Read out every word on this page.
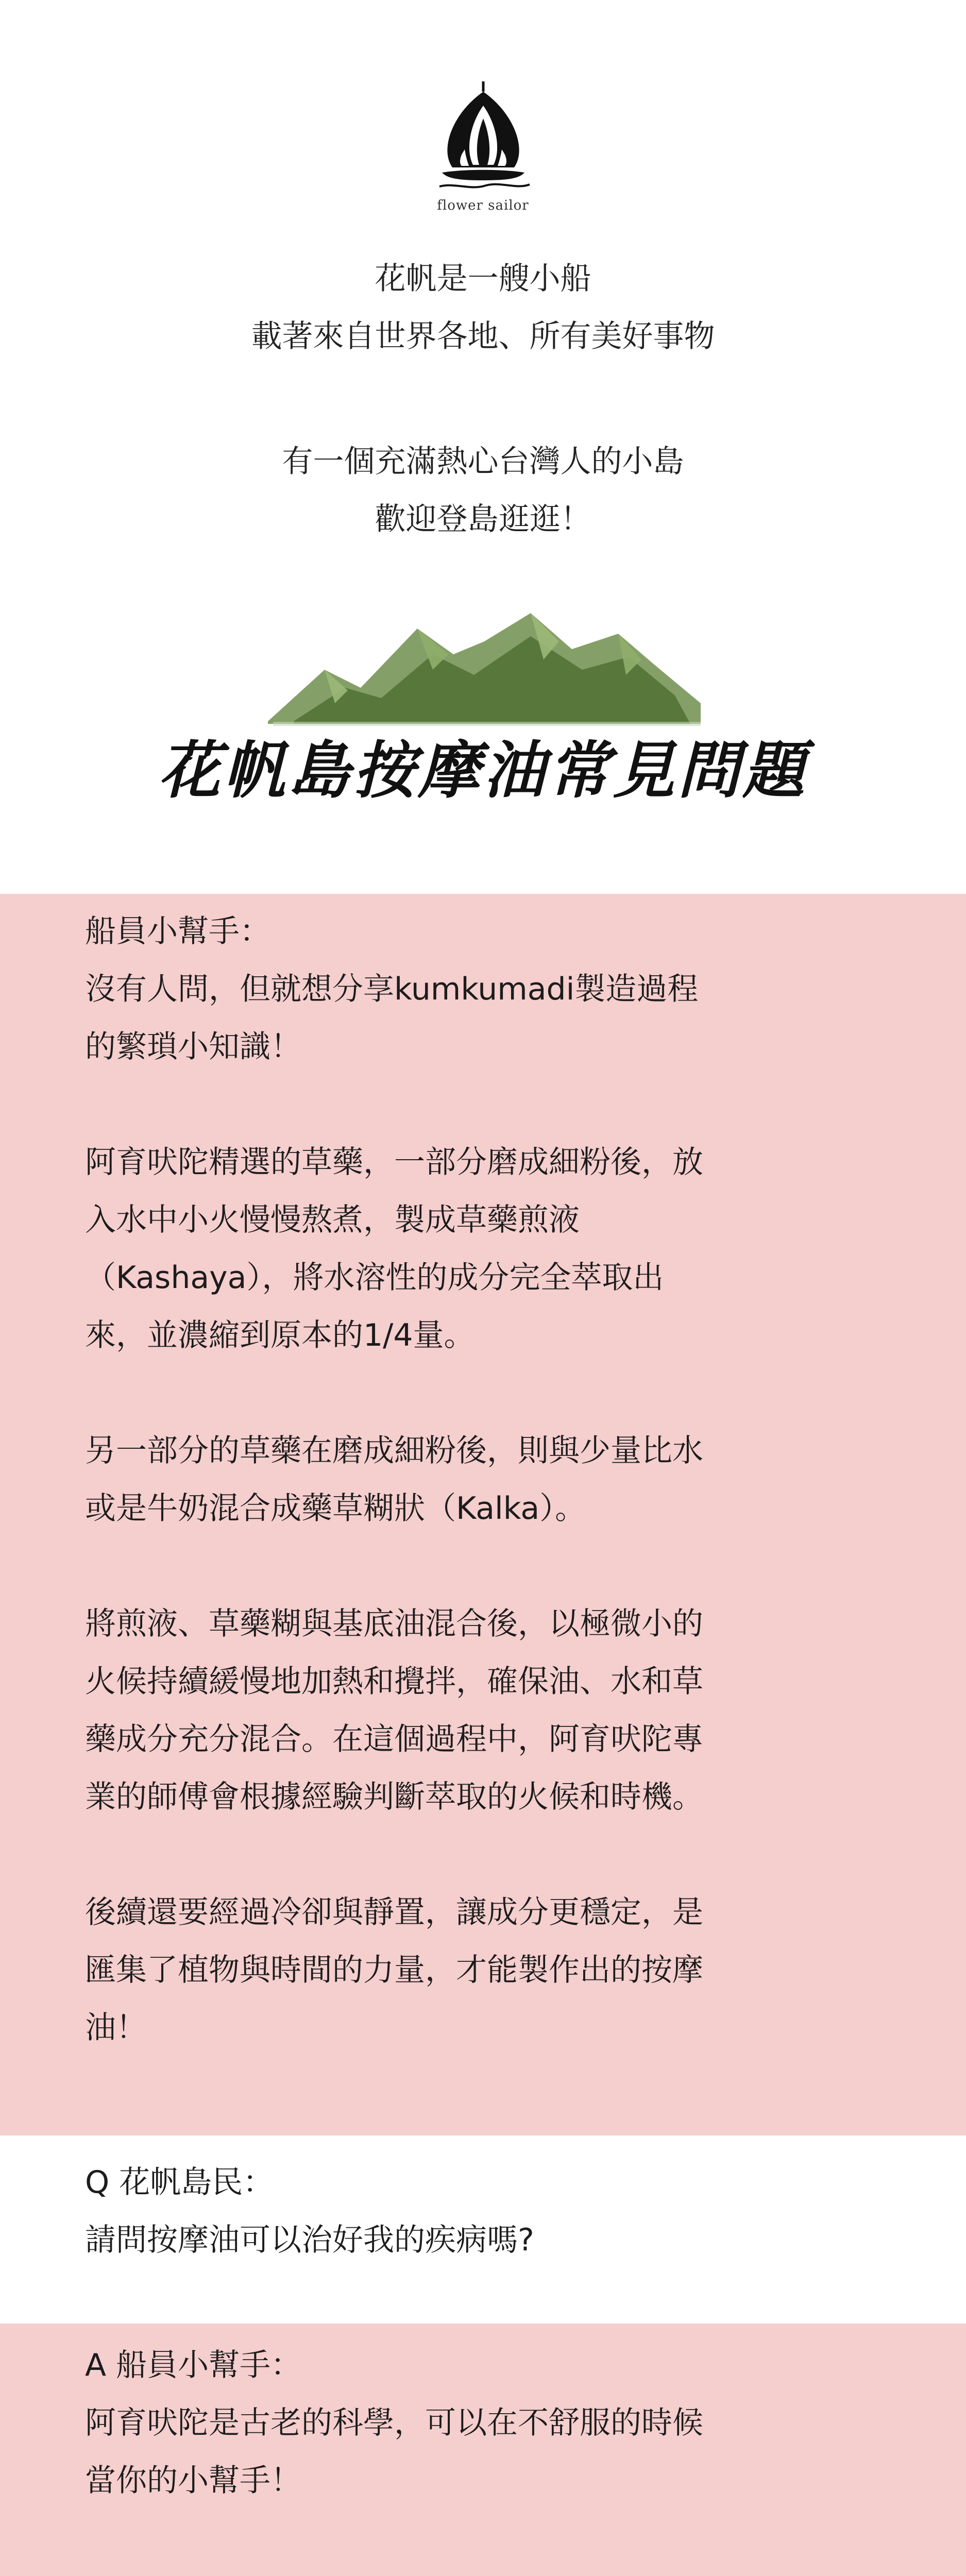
flower sailor
花帆是一艘小船
載著來自世界各地、所有美好事物
有一個充滿熱心台灣人的小島
歡迎登島逛逛！
花帆島按摩油常見問題

船員小幫手：

沒有人問，但就想分享kumkumadi製造過程

的繁瑣小知識！

阿育吠陀精選的草藥，一部分磨成細粉後，放

入水中小火慢慢熬煮，製成草藥煎液

（Kashaya），將水溶性的成分完全萃取出

來，並濃縮到原本的1/4量。

另一部分的草藥在磨成細粉後，則與少量比水

或是牛奶混合成藥草糊狀（Kalka）。

將煎液、草藥糊與基底油混合後，以極微小的

火候持續緩慢地加熱和攪拌，確保油、水和草

藥成分充分混合。在這個過程中，阿育吠陀專

業的師傅會根據經驗判斷萃取的火候和時機。

後續還要經過冷卻與靜置，讓成分更穩定，是

匯集了植物與時間的力量，才能製作出的按摩

油！

Q 花帆島民：

請問按摩油可以治好我的疾病嗎?

A 船員小幫手：

阿育吠陀是古老的科學，可以在不舒服的時候

當你的小幫手！
